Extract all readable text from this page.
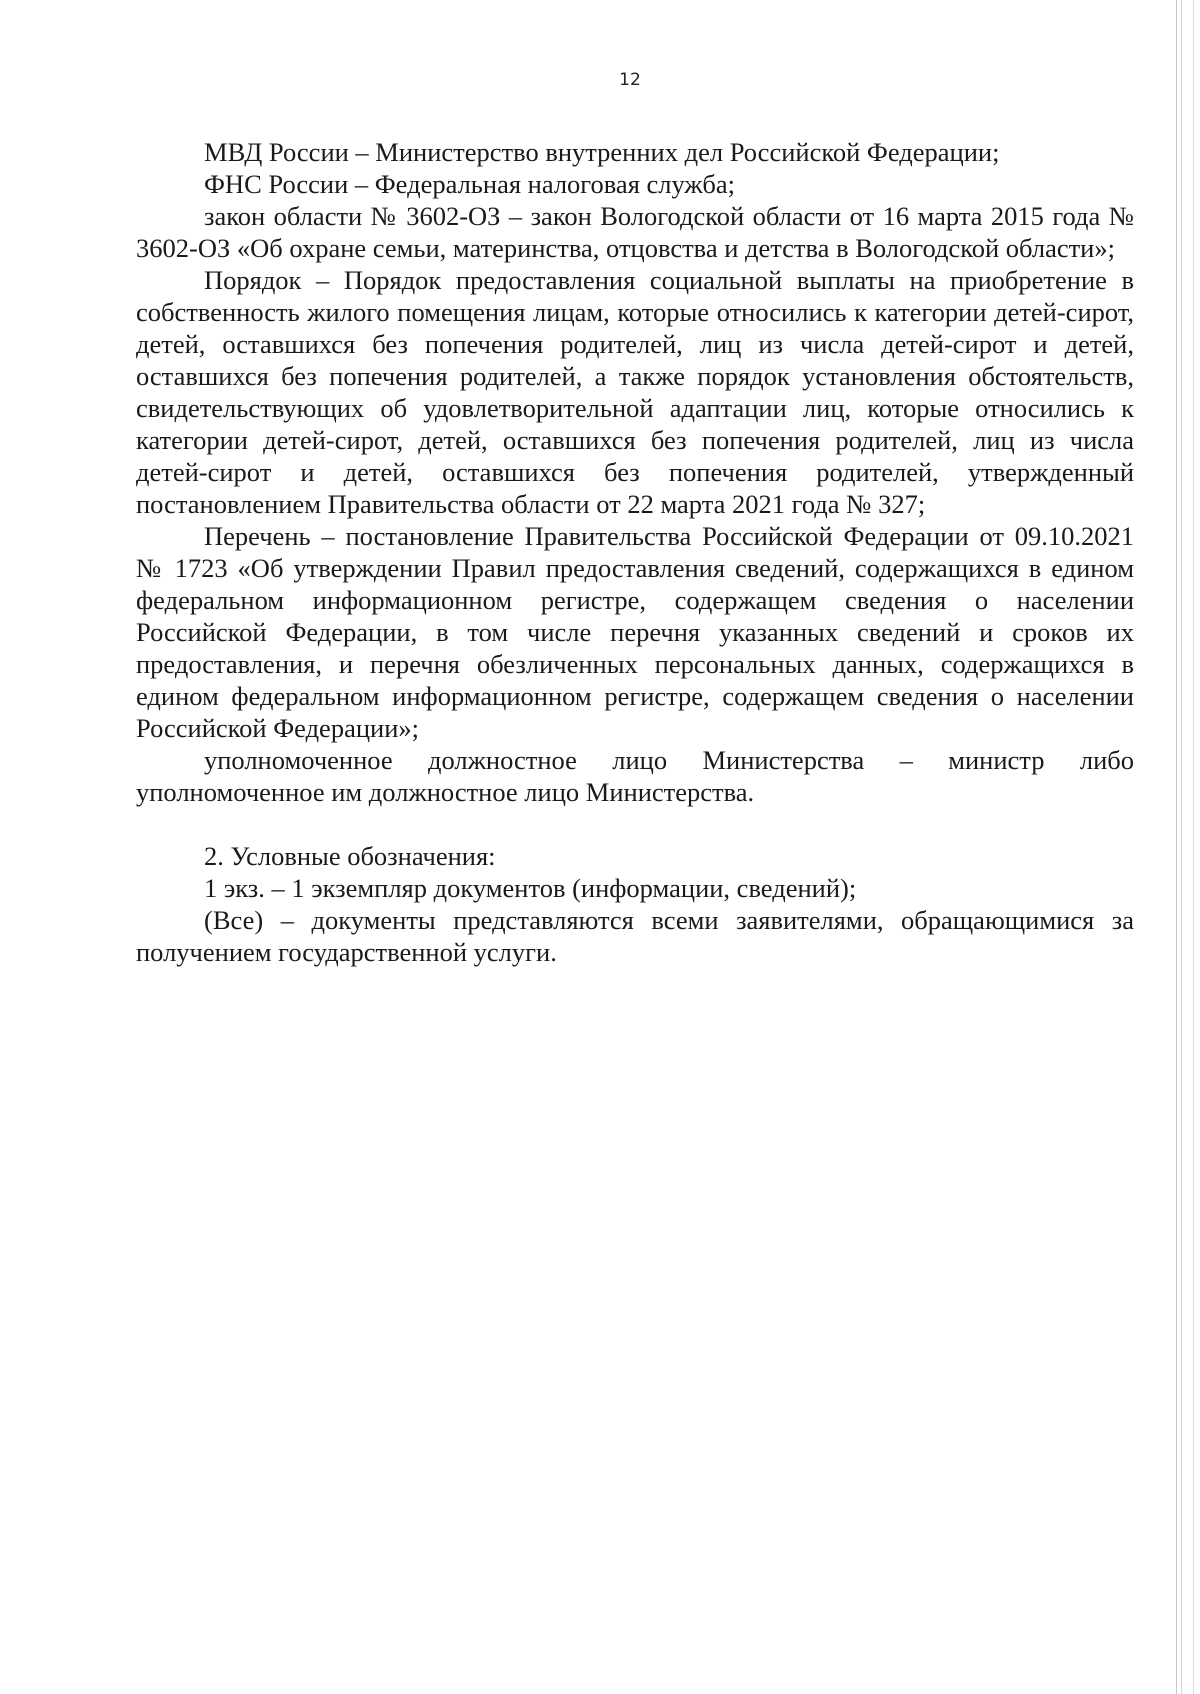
12

МВД России – Министерство внутренних дел Российской Федерации;

ФНС России – Федеральная налоговая служба;

закон области № 3602-ОЗ – закон Вологодской области от 16 марта 2015 года № 3602-ОЗ «Об охране семьи, материнства, отцовства и детства в Вологодской области»;

Порядок – Порядок предоставления социальной выплаты на приобретение в собственность жилого помещения лицам, которые относились к категории детей-сирот, детей, оставшихся без попечения родителей, лиц из числа детей-сирот и детей, оставшихся без попечения родителей, а также порядок установления обстоятельств, свидетельствующих об удовлетворительной адаптации лиц, которые относились к категории детей-сирот, детей, оставшихся без попечения родителей, лиц из числа детей-сирот и детей, оставшихся без попечения родителей, утвержденный постановлением Правительства области от 22 марта 2021 года № 327;

Перечень – постановление Правительства Российской Федерации от 09.10.2021 № 1723 «Об утверждении Правил предоставления сведений, содержащихся в едином федеральном информационном регистре, содержащем сведения о населении Российской Федерации, в том числе перечня указанных сведений и сроков их предоставления, и перечня обезличенных персональных данных, содержащихся в едином федеральном информационном регистре, содержащем сведения о населении Российской Федерации»;

уполномоченное должностное лицо Министерства – министр либо уполномоченное им должностное лицо Министерства.

2. Условные обозначения:

1 экз. – 1 экземпляр документов (информации, сведений);

(Все) – документы представляются всеми заявителями, обращающимися за получением государственной услуги.
